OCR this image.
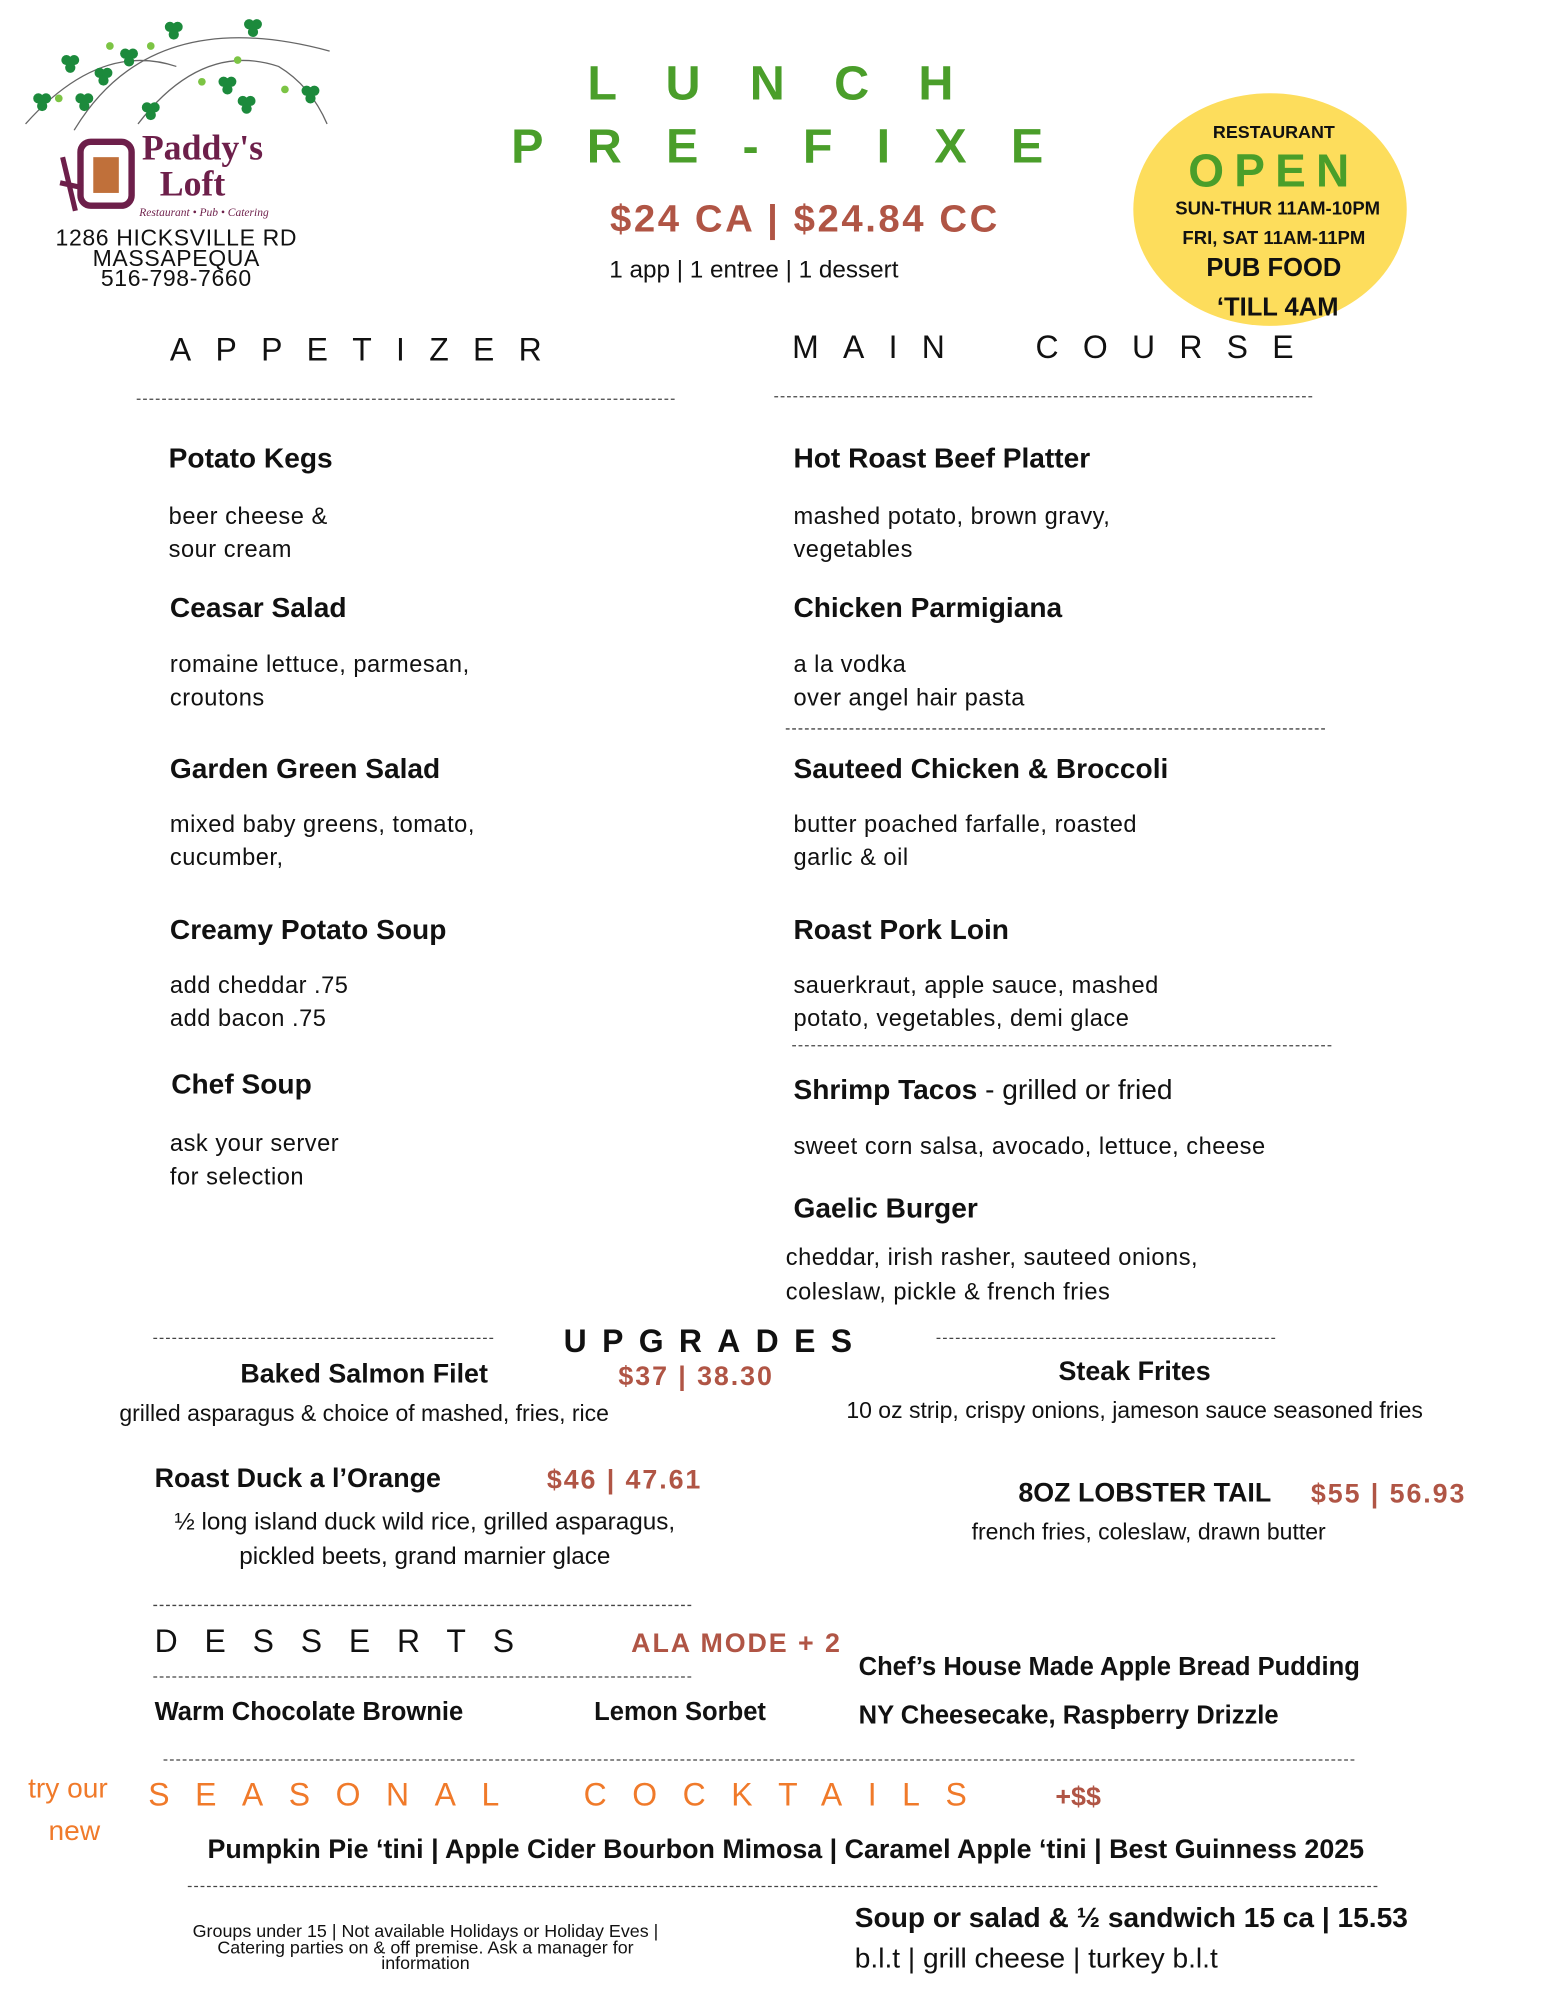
Paddy's
Loft
Restaurant • Pub • Catering
1286 HICKSVILLE RD
MASSAPEQUA
516-798-7660
L U N C H
P R E - F I X E
$24 CA | $24.84 CC
1 app | 1 entree | 1 dessert
RESTAURANT
OPEN
SUN-THUR 11AM-10PM
FRI, SAT 11AM-11PM
PUB FOOD
‘TILL 4AM
APPETIZER	MAIN COURSE
Potato Kegs
beer cheese &
sour cream
Ceasar Salad
romaine lettuce, parmesan,
croutons
Garden Green Salad
mixed baby greens, tomato,
cucumber,
Creamy Potato Soup
add cheddar .75
add bacon .75
Chef Soup
ask your server
for selection
Hot Roast Beef Platter
mashed potato, brown gravy,
vegetables
Chicken Parmigiana
a la vodka
over angel hair pasta
Sauteed Chicken & Broccoli
butter poached farfalle, roasted
garlic & oil
Roast Pork Loin
sauerkraut, apple sauce, mashed
potato, vegetables, demi glace
Shrimp Tacos - grilled or fried
sweet corn salsa, avocado, lettuce, cheese
Gaelic Burger
cheddar, irish rasher, sauteed onions,
coleslaw, pickle & french fries
UPGRADES
Baked Salmon Filet	$37 | 38.30
grilled asparagus & choice of mashed, fries, rice
Steak Frites
10 oz strip, crispy onions, jameson sauce seasoned fries
Roast Duck a l’Orange	$46 | 47.61
½ long island duck wild rice, grilled asparagus,
pickled beets, grand marnier glace
8OZ LOBSTER TAIL $55 | 56.93
french fries, coleslaw, drawn butter
DESSERTS	ALA MODE + 2
Warm Chocolate Brownie	Lemon Sorbet
Chef’s House Made Apple Bread Pudding
NY Cheesecake, Raspberry Drizzle
try our
new
SEASONAL COCKTAILS	+$$
Pumpkin Pie ‘tini | Apple Cider Bourbon Mimosa | Caramel Apple ‘tini | Best Guinness 2025
Groups under 15 | Not available Holidays or Holiday Eves |
Catering parties on & off premise. Ask a manager for
information
Soup or salad & ½ sandwich 15 ca | 15.53
b.l.t | grill cheese | turkey b.l.t
